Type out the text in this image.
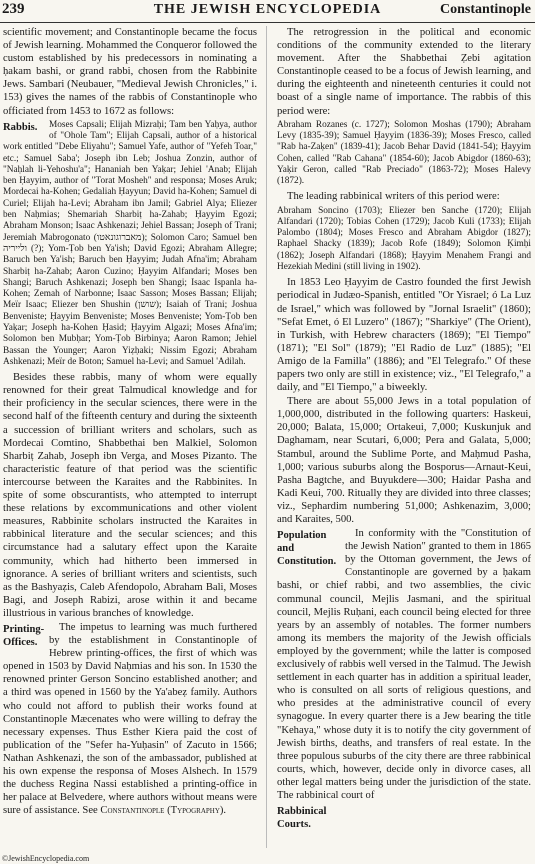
239	THE JEWISH ENCYCLOPEDIA	Constantinople

scientific movement; and Constantinople became the focus of Jewish learning. Mohammed the Conqueror followed the custom established by his predecessors in nominating a ḥakam bashi, or grand rabbi, chosen from the Rabbinite Jews. Sambari (Neubauer, "Medieval Jewish Chronicles," i. 153) gives the names of the rabbis of Constantinople who officiated from 1453 to 1672 as follows:

Rabbis.	Moses Capsali; Elijah Mizraḥi; Tam ben Yaḥya, author of "Ohole Tam"; Elijah Capsali, author of a historical work entitled "Debe Eliyahu"; Samuel Yafe, author of "Yefeh Toar," etc.; Samuel Saba'; Joseph ibn Leb; Joshua Zonzin, author of "Naḥlah li-Yehoshu'a"; Hananiah ben Yaḳar; Jehiel 'Anab; Elijah ben Ḥayyim, author of "Torat Mosheh" and responsa; Moses Aruk; Mordecai ha-Kohen; Gedaliah Ḥayyun; David ha-Kohen; Samuel di Curiel; Elijah ha-Levi; Abraham ibn Jamil; Gabriel Alya; Eliezer ben Naḥmias; Shemariah Sharbiṭ ha-Zahab; Ḥayyim Egozi; Abraham Monson; Isaac Ashkenazi; Jehiel Bassan; Joseph of Trani; Jeremiah Mabrogonato (מאברוגונאטו); Solomon Caro; Samuel ben ולייריה (?); Yom-Ṭob ben Ya'ish; David Egozi; Abraham Allegre; Baruch ben Ya'ish; Baruch ben Ḥayyim; Judah Afna'im; Abraham Sharbiṭ ha-Zahab; Aaron Cuzino; Ḥayyim Alfandari; Moses ben Shangi; Baruch Ashkenazi; Joseph ben Shangi; Isaac Ispanla ha-Kohen; Zemah of Narbonne; Isaac Sasson; Moses Bassan; Elijah; Meïr Isaac; Eliezer ben Shushin (שושן); Isaiah of Trani; Joshua Benveniste; Ḥayyim Benveniste; Moses Benveniste; Yom-Ṭob ben Yaḳar; Joseph ha-Kohen Ḥasid; Ḥayyim Algazi; Moses Afna'im; Solomon ben Mubḥar; Yom-Ṭob Birbinya; Aaron Ramon; Jehiel Bassan the Younger; Aaron Yiẓḥaki; Nissim Egozi; Abraham Ashkenazi; Meïr de Boton; Samuel ha-Levi; and Samuel 'Adilah.

Besides these rabbis, many of whom were equally renowned for their great Talmudical knowledge and for their proficiency in the secular sciences, there were in the second half of the fifteenth century and during the sixteenth a succession of brilliant writers and scholars, such as Mordecai Comtino, Shabbethai ben Malkiel, Solomon Sharbiṭ Zahab, Joseph ibn Verga, and Moses Pizanto. The characteristic feature of that period was the scientific intercourse between the Karaites and the Rabbinites. In spite of some obscurantists, who attempted to interrupt these relations by excommunications and other violent measures, Rabbinite scholars instructed the Karaites in rabbinical literature and the secular sciences; and this circumstance had a salutary effect upon the Karaite community, which had hitherto been immersed in ignorance. A series of brilliant writers and scientists, such as the Bashyaẓis, Caleb Afendopolo, Abraham Bali, Moses Bagi, and Joseph Rabizi, arose within it and became illustrious in various branches of knowledge.

Printing-Offices.

The impetus to learning was much furthered by the establishment in Constantinople of Hebrew printing-offices, the first of which was opened in 1503 by David Naḥmias and his son. In 1530 the renowned printer Gerson Soncino established another; and a third was opened in 1560 by the Ya'abeẓ family. Authors who could not afford to publish their works found at Constantinople Mæcenates who were willing to defray the necessary expenses. Thus Esther Kiera paid the cost of publication of the "Sefer ha-Yuḥasin" of Zacuto in 1566; Nathan Ashkenazi, the son of the ambassador, published at his own expense the responsa of Moses Alshech. In 1579 the duchess Regina Nassi established a printing-office in her palace at Belvedere, where authors without means were sure of assistance. See Constantinople (Typography).

The retrogression in the political and economic conditions of the community extended to the literary movement. After the Shabbethai Ẓebi agitation Constantinople ceased to be a focus of Jewish learning, and during the eighteenth and nineteenth centuries it could not boast of a single name of importance. The rabbis of this period were:

Abraham Rozanes (c. 1727); Solomon Moshas (1790); Abraham Levy (1835-39); Samuel Ḥayyim (1836-39); Moses Fresco, called "Rab ha-Zaḳen" (1839-41); Jacob Behar David (1841-54); Ḥayyim Cohen, called "Rab Cahana" (1854-60); Jacob Abigdor (1860-63); Yaḳir Geron, called "Rab Preciado" (1863-72); Moses Halevy (1872).

The leading rabbinical writers of this period were:

Abraham Soncino (1703); Eliezer ben Sanche (1720); Elijah Alfandari (1720); Tobias Cohen (1729); Jacob Kuli (1733); Elijah Palombo (1804); Moses Fresco and Abraham Abigdor (1827); Raphael Shacky (1839); Jacob Rofe (1849); Solomon Ḳimḥi (1862); Joseph Alfandari (1868); Ḥayyim Menahem Frangi and Hezekiah Medini (still living in 1902).

In 1853 Leo Ḥayyim de Castro founded the first Jewish periodical in Judæo-Spanish, entitled "Or Yisrael; ó La Luz de Israel," which was followed by "Jornal Israelit" (1860); "Sefat Emet, ó El Luzero" (1867); "Sharkiye" (The Orient), in Turkish, with Hebrew characters (1869); "El Tiempo" (1871); "El Sol" (1879); "El Radio de Luz" (1885); "El Amigo de la Familla" (1886); and "El Telegrafo." Of these papers two only are still in existence; viz., "El Telegrafo," a daily, and "El Tiempo," a biweekly.

There are about 55,000 Jews in a total population of 1,000,000, distributed in the following quarters: Haskeui, 20,000; Balata, 15,000; Ortakeui, 7,000; Kuskunjuk and Daghamam, near Scutari, 6,000; Pera and Galata, 5,000; Stambul, around the Sublime Porte, and Maḥmud Pasha, 1,000; various suburbs along the Bosporus—Arnaut-Keui, Pasha Bagtche, and Buyukdere—300; Haidar Pasha and Kadi Keui, 700. Ritually they are divided into three classes; viz., Sephardim numbering 51,000; Ashkenazim, 3,000; and Karaites, 500.

Population and Constitution.

In conformity with the "Constitution of the Jewish Nation" granted to them in 1865 by the Ottoman government, the Jews of Constantinople are governed by a ḥakam bashi, or chief rabbi, and two assemblies, the civic communal council, Mejlis Jasmani, and the spiritual council, Mejlis Ruḥani, each council being elected for three years by an assembly of notables. The former numbers among its members the majority of the Jewish officials employed by the government; while the latter is composed exclusively of rabbis well versed in the Talmud. The Jewish settlement in each quarter has in addition a spiritual leader, who is consulted on all sorts of religious questions, and who presides at the administrative council of every synagogue. In every quarter there is a Jew bearing the title "Kehaya," whose duty it is to notify the city government of Jewish births, deaths, and transfers of real estate. In the three populous suburbs of the city there are three rabbinical courts, which, however, decide only in divorce cases, all other legal matters being under the jurisdiction of the state. The rabbinical court of

Rabbinical Courts.
©JewishEncyclopedia.com
